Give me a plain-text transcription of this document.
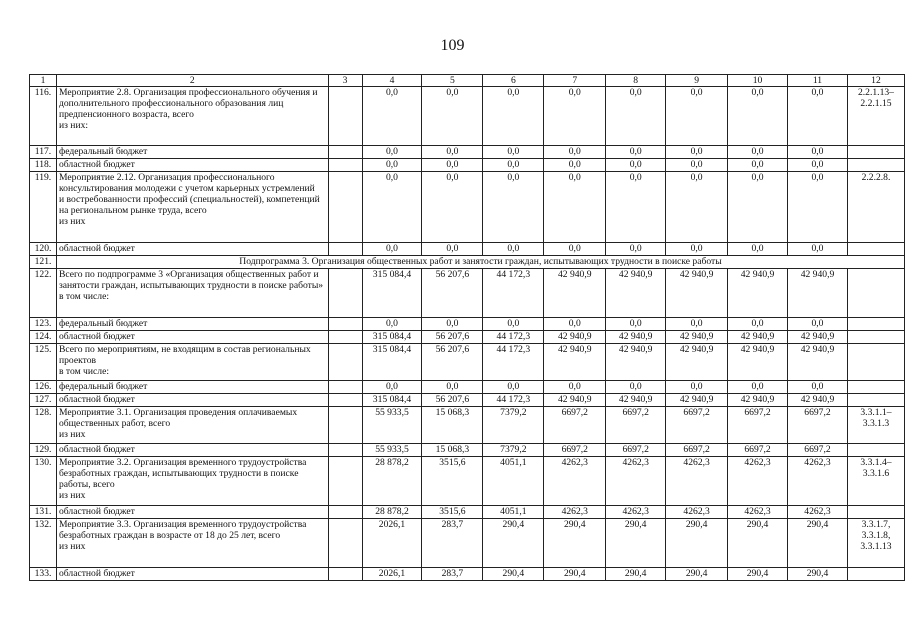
109
1	2	3	4	5	6	7	8	9	10	11	12
116.	Мероприятие 2.8. Организация профессионального обучения и дополнительного профессионального образования лиц предпенсионного возраста, всего
из них:		0,0	0,0	0,0	0,0	0,0	0,0	0,0	0,0	2.2.1.13–
2.2.1.15
117.	федеральный бюджет		0,0	0,0	0,0	0,0	0,0	0,0	0,0	0,0	
118.	областной бюджет		0,0	0,0	0,0	0,0	0,0	0,0	0,0	0,0	
119.	Мероприятие 2.12. Организация профессионального консультирования молодежи с учетом карьерных устремлений
и востребованности профессий (специальностей), компетенций на региональном рынке труда, всего
из них		0,0	0,0	0,0	0,0	0,0	0,0	0,0	0,0	2.2.2.8.
120.	областной бюджет		0,0	0,0	0,0	0,0	0,0	0,0	0,0	0,0	
121.	Подпрограмма 3. Организация общественных работ и занятости граждан, испытывающих трудности в поиске работы										
122.	Всего по подпрограмме 3 «Организация общественных работ и занятости граждан, испытывающих трудности в поиске работы»
в том числе:		315 084,4	56 207,6	44 172,3	42 940,9	42 940,9	42 940,9	42 940,9	42 940,9	
123.	федеральный бюджет		0,0	0,0	0,0	0,0	0,0	0,0	0,0	0,0	
124.	областной бюджет		315 084,4	56 207,6	44 172,3	42 940,9	42 940,9	42 940,9	42 940,9	42 940,9	
125.	Всего по мероприятиям, не входящим в состав региональных проектов
в том числе:		315 084,4	56 207,6	44 172,3	42 940,9	42 940,9	42 940,9	42 940,9	42 940,9	
126.	федеральный бюджет		0,0	0,0	0,0	0,0	0,0	0,0	0,0	0,0	
127.	областной бюджет		315 084,4	56 207,6	44 172,3	42 940,9	42 940,9	42 940,9	42 940,9	42 940,9	
128.	Мероприятие 3.1. Организация проведения оплачиваемых общественных работ, всего
из них		55 933,5	15 068,3	7379,2	6697,2	6697,2	6697,2	6697,2	6697,2	3.3.1.1–
3.3.1.3
129.	областной бюджет		55 933,5	15 068,3	7379,2	6697,2	6697,2	6697,2	6697,2	6697,2	
130.	Мероприятие 3.2. Организация временного трудоустройства безработных граждан, испытывающих трудности в поиске работы, всего
из них		28 878,2	3515,6	4051,1	4262,3	4262,3	4262,3	4262,3	4262,3	3.3.1.4–
3.3.1.6
131.	областной бюджет		28 878,2	3515,6	4051,1	4262,3	4262,3	4262,3	4262,3	4262,3	
132.	Мероприятие 3.3. Организация временного трудоустройства безработных граждан в возрасте от 18 до 25 лет, всего
из них		2026,1	283,7	290,4	290,4	290,4	290,4	290,4	290,4	3.3.1.7,
3.3.1.8,
3.3.1.13
133.	областной бюджет		2026,1	283,7	290,4	290,4	290,4	290,4	290,4	290,4	
